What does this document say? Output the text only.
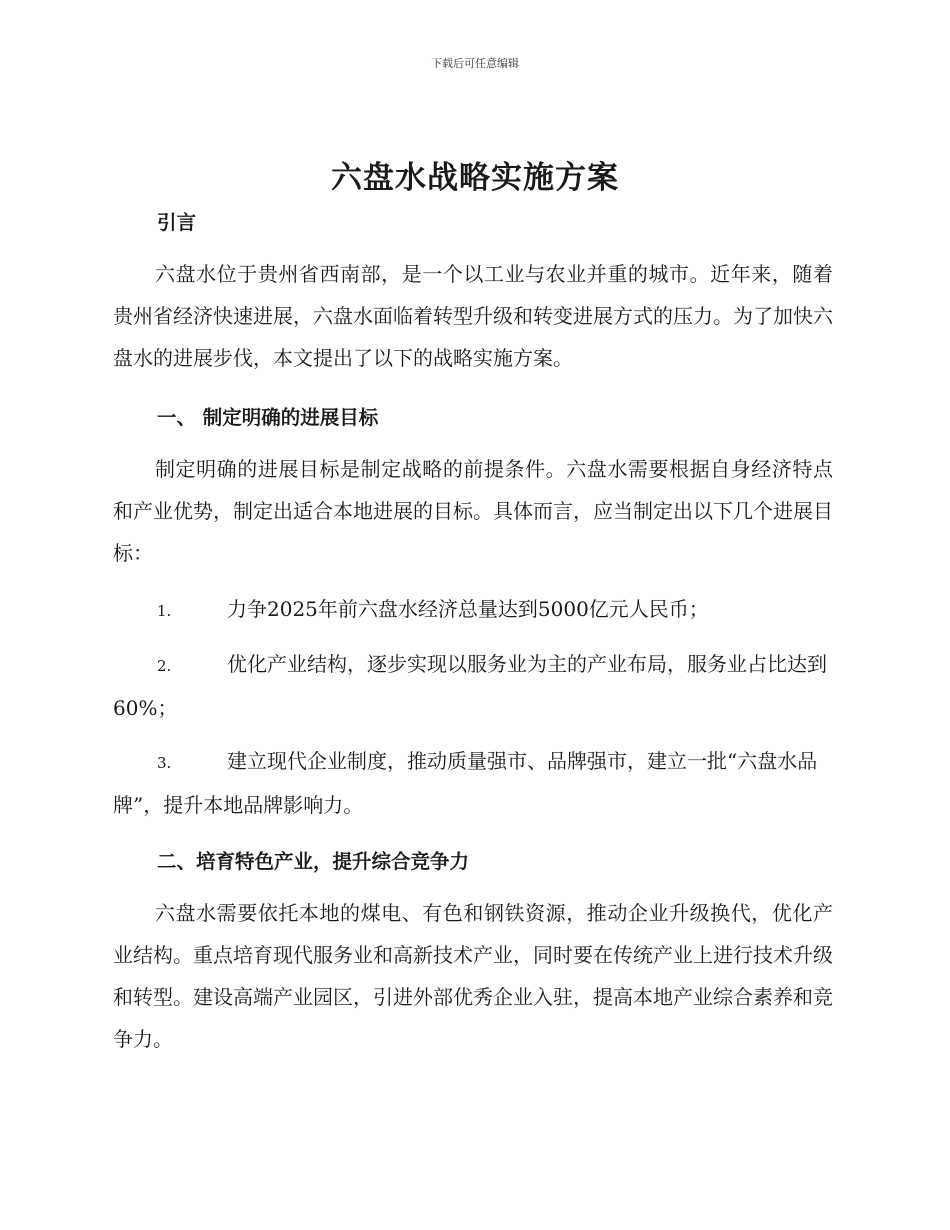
下载后可任意编辑
六盘水战略实施方案
引言

六盘水位于贵州省西南部，是一个以工业与农业并重的城市。近年来，随着贵州省经济快速进展，六盘水面临着转型升级和转变进展方式的压力。为了加快六盘水的进展步伐，本文提出了以下的战略实施方案。

一、 制定明确的进展目标

制定明确的进展目标是制定战略的前提条件。六盘水需要根据自身经济特点和产业优势，制定出适合本地进展的目标。具体而言，应当制定出以下几个进展目标：

1.	力争2025年前六盘水经济总量达到5000亿元人民币；

2.	优化产业结构，逐步实现以服务业为主的产业布局，服务业占比达到60%；

3.	建立现代企业制度，推动质量强市、品牌强市，建立一批“六盘水品牌”，提升本地品牌影响力。

二、培育特色产业，提升综合竞争力

六盘水需要依托本地的煤电、有色和钢铁资源，推动企业升级换代，优化产业结构。重点培育现代服务业和高新技术产业，同时要在传统产业上进行技术升级和转型。建设高端产业园区，引进外部优秀企业入驻，提高本地产业综合素养和竞争力。
